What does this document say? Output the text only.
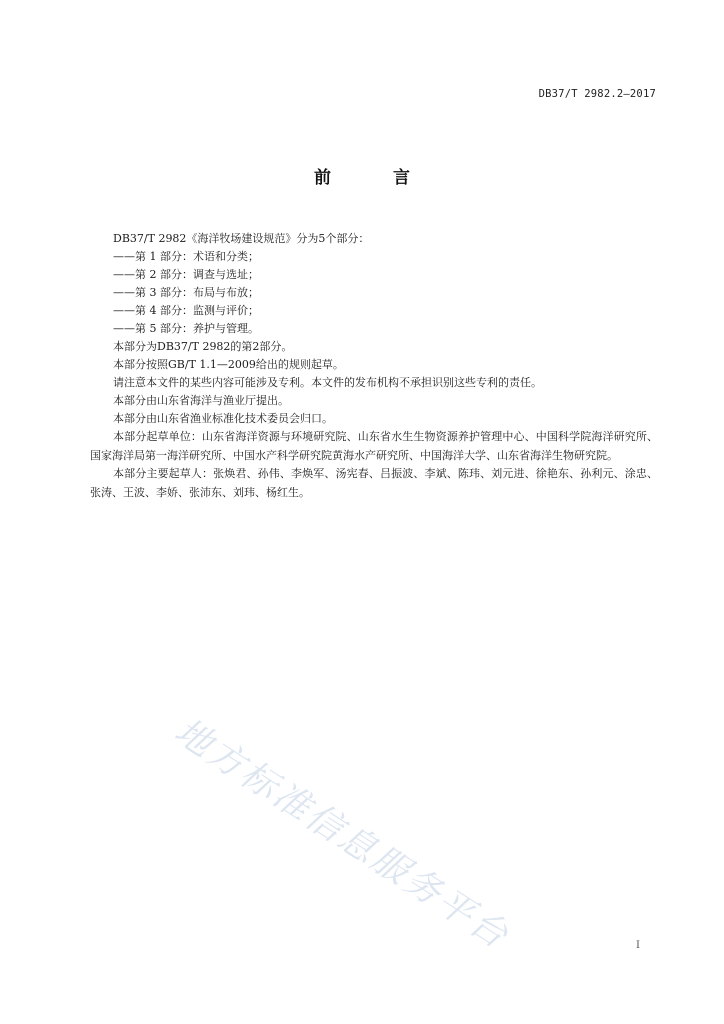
DB37/T 2982.2—2017
前 言

DB37/T 2982《海洋牧场建设规范》分为5个部分：

——第 1 部分：术语和分类；

——第 2 部分：调查与选址；

——第 3 部分：布局与布放；

——第 4 部分：监测与评价；

——第 5 部分：养护与管理。

本部分为DB37/T 2982的第2部分。

本部分按照GB/T 1.1—2009给出的规则起草。

请注意本文件的某些内容可能涉及专利。本文件的发布机构不承担识别这些专利的责任。

本部分由山东省海洋与渔业厅提出。

本部分由山东省渔业标准化技术委员会归口。

本部分起草单位：山东省海洋资源与环境研究院、山东省水生生物资源养护管理中心、中国科学院海洋研究所、国家海洋局第一海洋研究所、中国水产科学研究院黄海水产研究所、中国海洋大学、山东省海洋生物研究院。

本部分主要起草人：张焕君、孙伟、李焕军、汤宪春、吕振波、李斌、陈玮、刘元进、徐艳东、孙利元、涂忠、张涛、王波、李娇、张沛东、刘玮、杨红生。

地方标准信息服务平台	I
